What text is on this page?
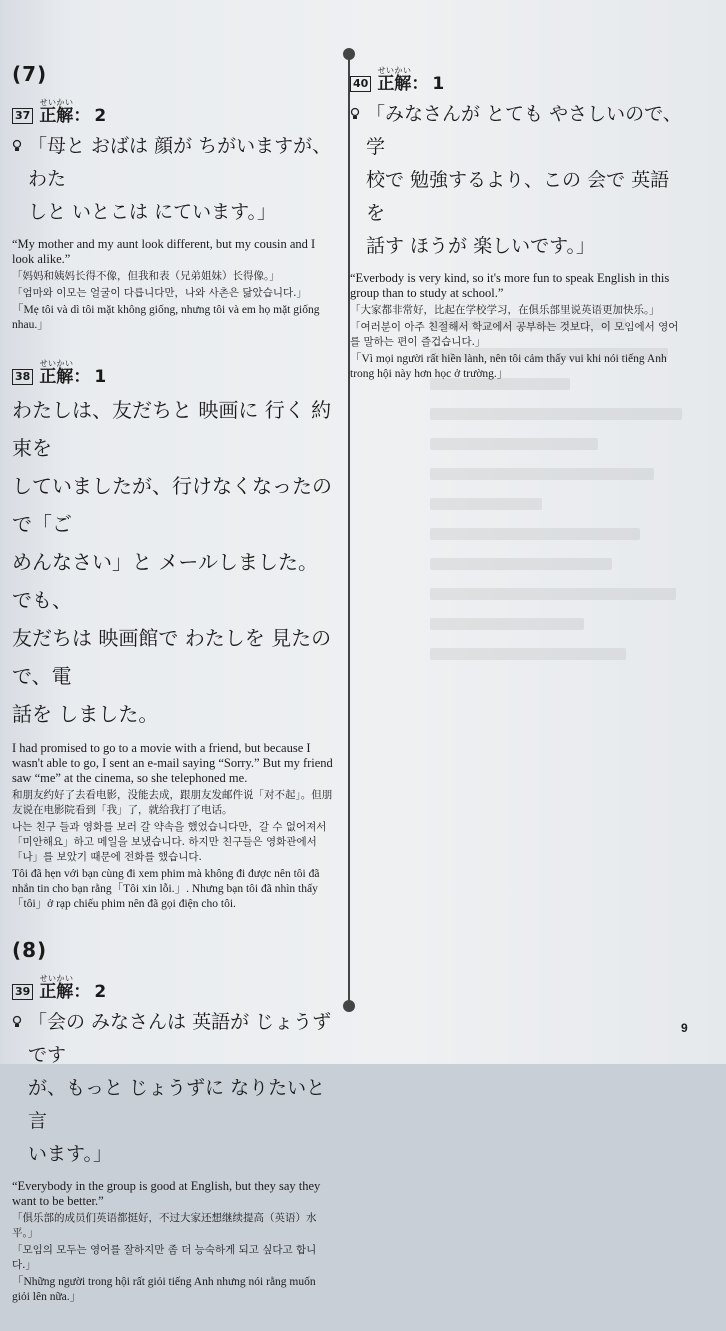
(7)
37 正解せいかい： 2
「母と おばは 顔が ちがいますが、わた
しと いとこは にています。」

“My mother and my aunt look different, but my cousin and I look alike.”

「妈妈和姨妈长得不像，但我和表（兄弟姐妹）长得像。」

「엄마와 이모는 얼굴이 다릅니다만，나와 사촌은 닮았습니다.」

「Mẹ tôi và dì tôi mặt không giống, nhưng tôi và em họ mặt giống nhau.」

38 正解せいかい： 1
わたしは、友だちと 映画に 行く 約束を
していましたが、行けなくなったので「ご
めんなさい」と メールしました。でも、
友だちは 映画館で わたしを 見たので、電
話を しました。

I had promised to go to a movie with a friend, but because I wasn't able to go, I sent an e-mail saying “Sorry.” But my friend saw “me” at the cinema, so she telephoned me.

和朋友约好了去看电影，没能去成，跟朋友发邮件说「对不起」。但朋友说在电影院看到「我」了，就给我打了电话。

나는 친구 들과 영화를 보러 갈 약속을 했었습니다만，갈 수 없어져서「미안해요」하고 메일을 보냈습니다. 하지만 친구들은 영화관에서「나」를 보았기 때문에 전화를 했습니다.

Tôi đã hẹn với bạn cùng đi xem phim mà không đi được nên tôi đã nhắn tin cho bạn rằng「Tôi xin lỗi.」. Nhưng bạn tôi đã nhìn thấy「tôi」ở rạp chiếu phim nên đã gọi điện cho tôi.

(8)
39 正解せいかい： 2
「会の みなさんは 英語が じょうずです
が、もっと じょうずに なりたいと 言
います。」

“Everybody in the group is good at English, but they say they want to be better.”

「俱乐部的成员们英语都挺好，不过大家还想继续提高（英语）水平。」

「모임의 모두는 영어를 잘하지만 좀 더 능숙하게 되고 싶다고 합니다.」

「Những người trong hội rất giỏi tiếng Anh nhưng nói rằng muốn giỏi lên nữa.」

40 正解せいかい： 1
「みなさんが とても やさしいので、学
校で 勉強するより、この 会で 英語を
話す ほうが 楽しいです。」

“Everbody is very kind, so it's more fun to speak English in this group than to study at school.”

「大家都非常好，比起在学校学习，在俱乐部里说英语更加快乐。」

「여러분이 아주 친절해서 학교에서 공부하는 것보다，이 모임에서 영어를 말하는 편이 즐겁습니다.」

「Vì mọi người rất hiền lành, nên tôi cảm thấy vui khi nói tiếng Anh trong hội này hơn học ở trường.」

9
